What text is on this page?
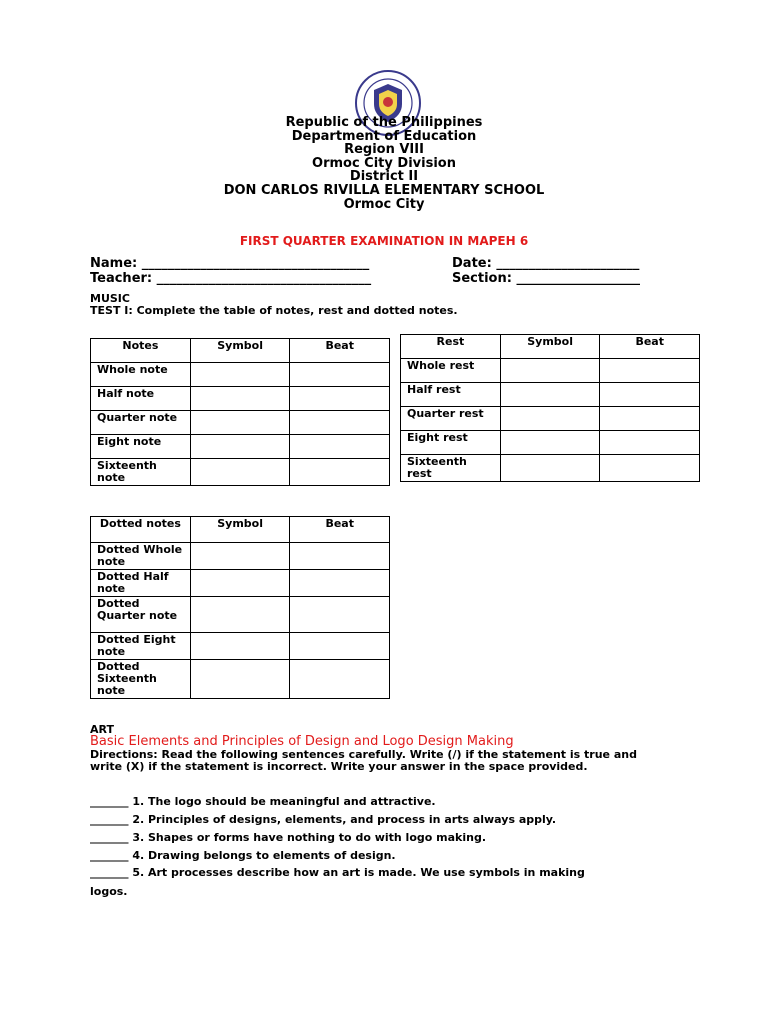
Republic of the Philippines
Department of Education
Region VIII
Ormoc City Division
District II
DON CARLOS RIVILLA ELEMENTARY SCHOOL
Ormoc City
FIRST QUARTER EXAMINATION IN MAPEH 6
Name: ___________________________________	Date: ______________________
Teacher: _________________________________	Section: ___________________
MUSIC
TEST I: Complete the table of notes, rest and dotted notes.
Notes	Symbol	Beat
Whole note		
Half note		
Quarter note		
Eight note		
Sixteenth note		
Rest	Symbol	Beat
Whole rest		
Half rest		
Quarter rest		
Eight rest		
Sixteenth rest		
Dotted notes	Symbol	Beat
Dotted Whole note		
Dotted Half note		
Dotted Quarter note		
Dotted Eight note		
Dotted Sixteenth note		
ART
Basic Elements and Principles of Design and Logo Design Making
Directions: Read the following sentences carefully. Write (/) if the statement is true and write (X) if the statement is incorrect. Write your answer in the space provided.
_______ 1. The logo should be meaningful and attractive.
_______ 2. Principles of designs, elements, and process in arts always apply.
_______ 3. Shapes or forms have nothing to do with logo making.
_______ 4. Drawing belongs to elements of design.
_______ 5. Art processes describe how an art is made. We use symbols in making
logos.
